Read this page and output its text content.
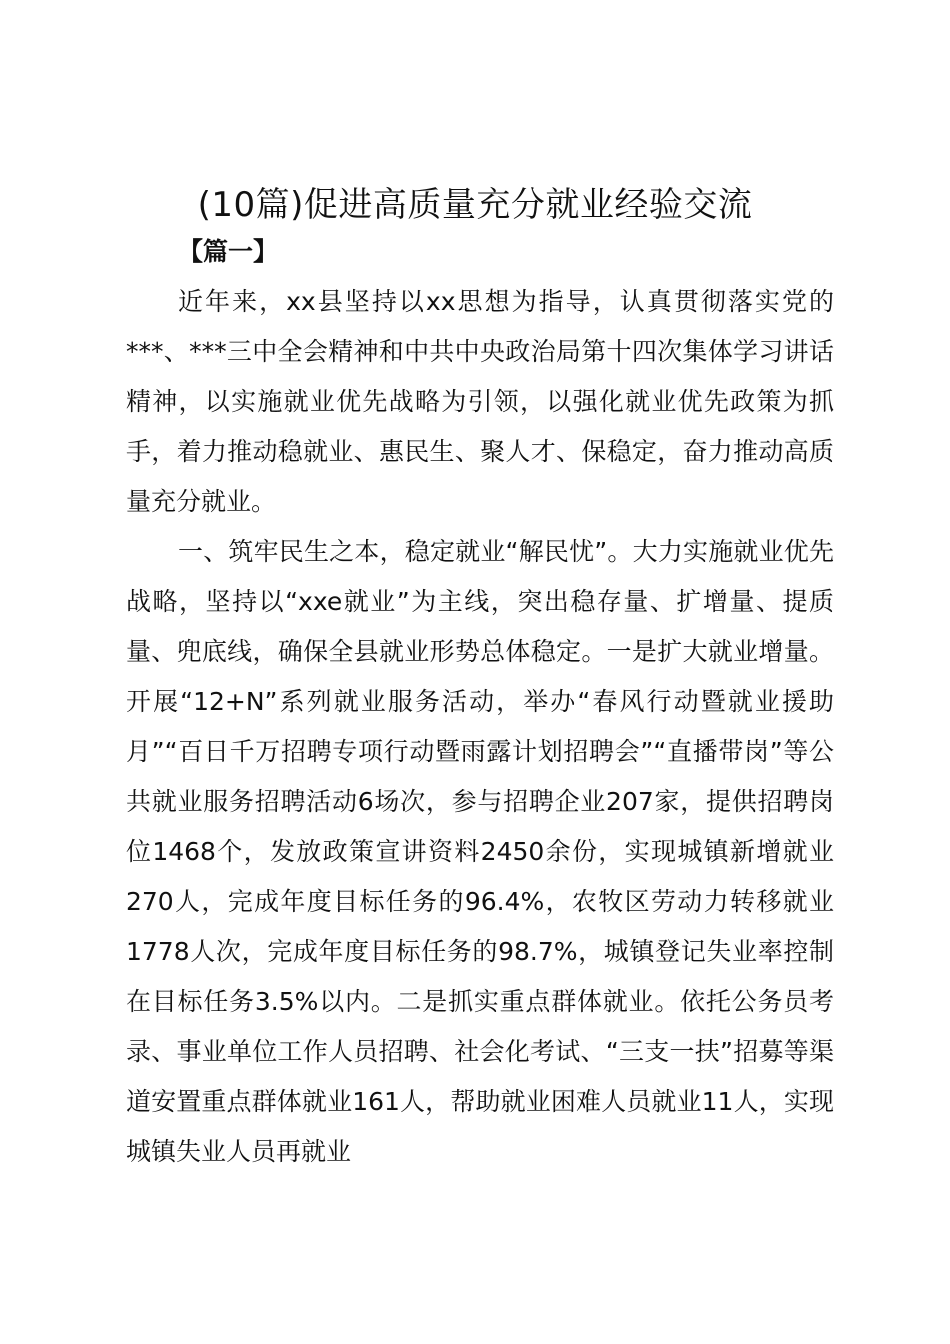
(10篇)促进高质量充分就业经验交流
【篇一】

近年来，xx县坚持以xx思想为指导，认真贯彻落实党的***、***三中全会精神和中共中央政治局第十四次集体学习讲话精神，以实施就业优先战略为引领，以强化就业优先政策为抓手，着力推动稳就业、惠民生、聚人才、保稳定，奋力推动高质量充分就业。

一、筑牢民生之本，稳定就业“解民忧”。大力实施就业优先战略，坚持以“xxe就业”为主线，突出稳存量、扩增量、提质量、兜底线，确保全县就业形势总体稳定。一是扩大就业增量。开展“12+N”系列就业服务活动，举办“春风行动暨就业援助月”“百日千万招聘专项行动暨雨露计划招聘会”“直播带岗”等公共就业服务招聘活动6场次，参与招聘企业207家，提供招聘岗位1468个，发放政策宣讲资料2450余份，实现城镇新增就业270人，完成年度目标任务的96.4%，农牧区劳动力转移就业1778人次，完成年度目标任务的98.7%，城镇登记失业率控制在目标任务3.5%以内。二是抓实重点群体就业。依托公务员考录、事业单位工作人员招聘、社会化考试、“三支一扶”招募等渠道安置重点群体就业161人，帮助就业困难人员就业11人，实现城镇失业人员再就业
